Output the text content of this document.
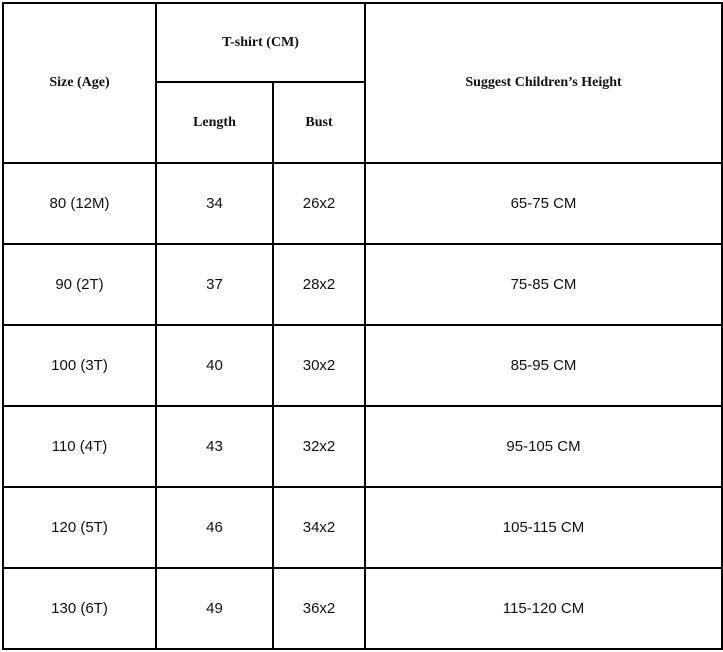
Size (Age)	T-shirt (CM)		Suggest Children’s Height
	Length	Bust	
80 (12M)	34	26x2	65-75 CM
90 (2T)	37	28x2	75-85 CM
100 (3T)	40	30x2	85-95 CM
110 (4T)	43	32x2	95-105 CM
120 (5T)	46	34x2	105-115 CM
130 (6T)	49	36x2	115-120 CM
